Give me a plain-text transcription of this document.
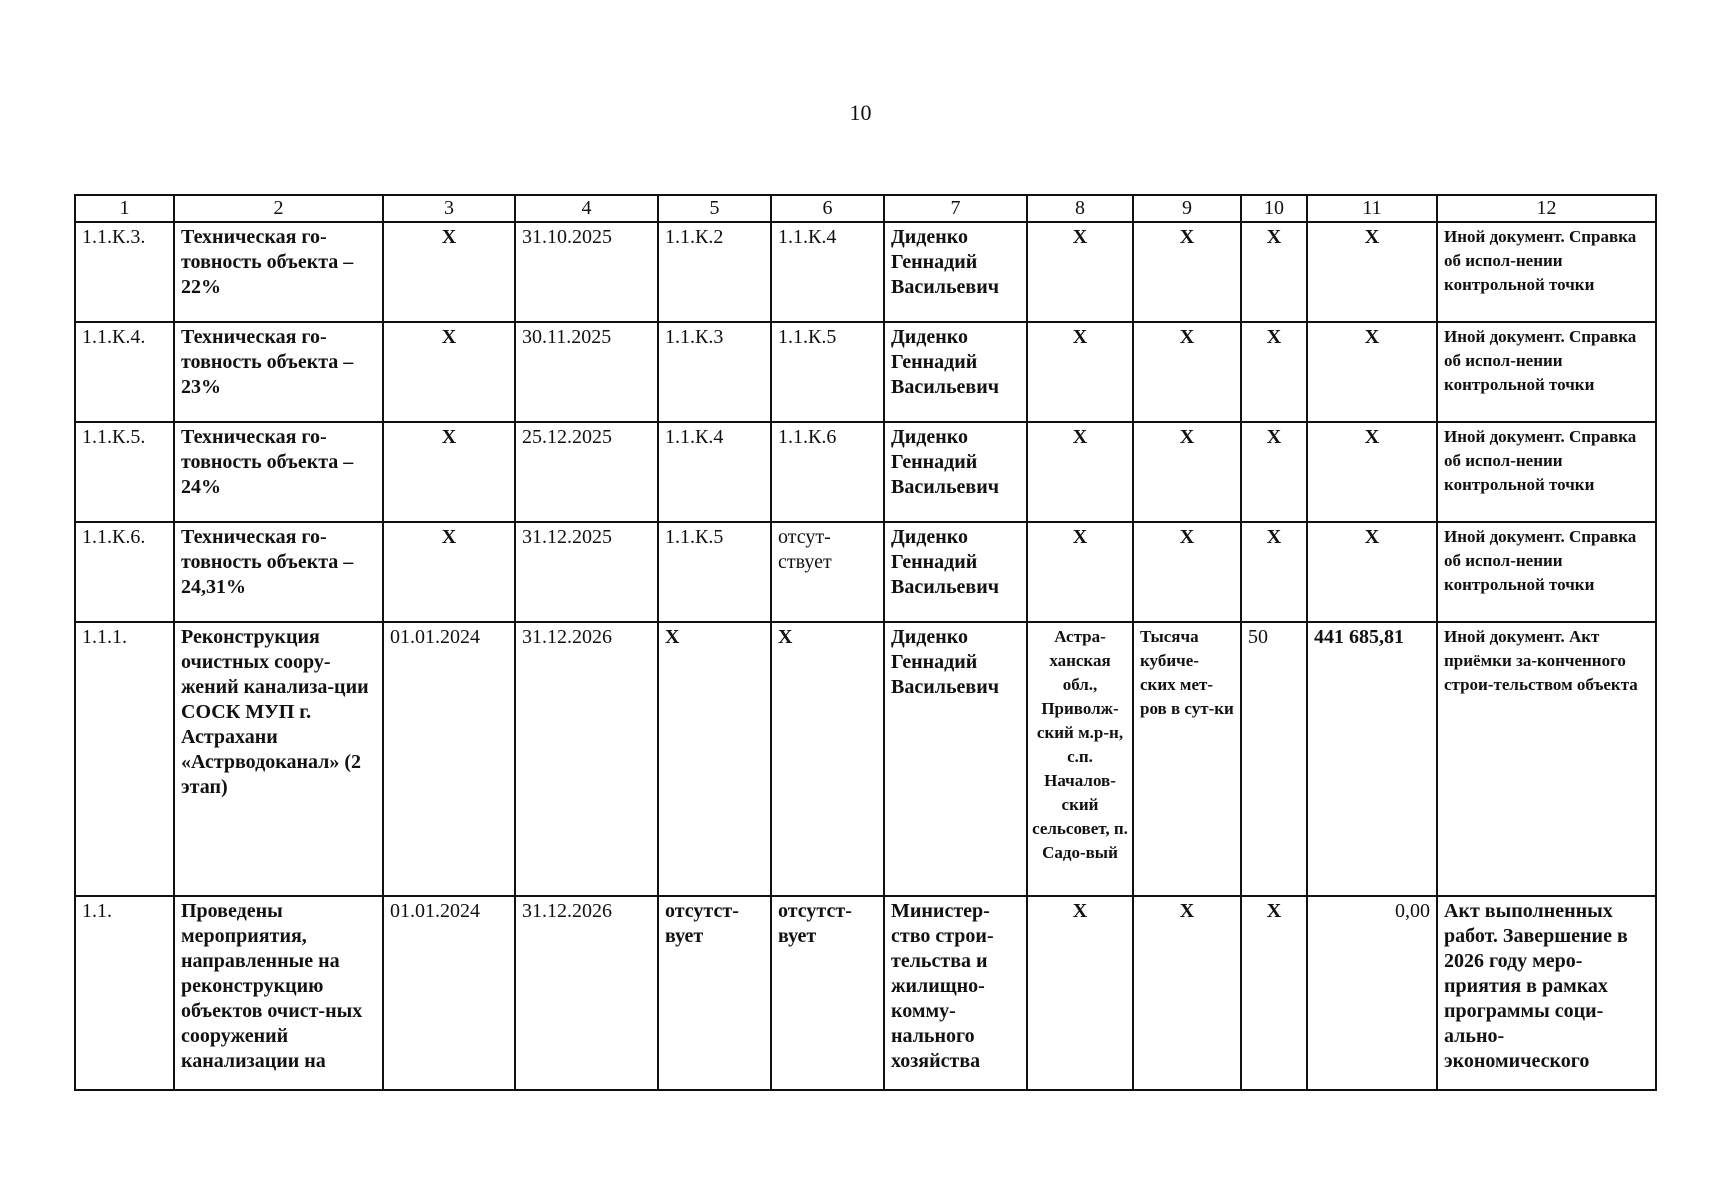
10
1	2	3	4	5	6	7	8	9	10	11	12
1.1.К.3.	Техническая го-товность объекта – 22%	X	31.10.2025	1.1.К.2	1.1.К.4	Диденко Геннадий Васильевич	X	X	X	X	Иной документ. Справка об испол-нении контрольной точки
1.1.К.4.	Техническая го-товность объекта – 23%	X	30.11.2025	1.1.К.3	1.1.К.5	Диденко Геннадий Васильевич	X	X	X	X	Иной документ. Справка об испол-нении контрольной точки
1.1.К.5.	Техническая го-товность объекта – 24%	X	25.12.2025	1.1.К.4	1.1.К.6	Диденко Геннадий Васильевич	X	X	X	X	Иной документ. Справка об испол-нении контрольной точки
1.1.К.6.	Техническая го-товность объекта – 24,31%	X	31.12.2025	1.1.К.5	отсут-ствует	Диденко Геннадий Васильевич	X	X	X	X	Иной документ. Справка об испол-нении контрольной точки
1.1.1.	Реконструкция очистных соору-жений канализа-ции СОСК МУП г. Астрахани «Астрводоканал» (2 этап)	01.01.2024	31.12.2026	X	X	Диденко Геннадий Васильевич	Астра-ханская обл., Приволж-ский м.р-н, с.п. Началов-ский сельсовет, п. Садо-вый	Тысяча кубиче-ских мет-ров в сут-ки	50	441 685,81	Иной документ. Акт приёмки за-конченного строи-тельством объекта
1.1.	Проведены мероприятия, направленные на реконструкцию объектов очист-ных сооружений канализации на	01.01.2024	31.12.2026	отсутст-вует	отсутст-вует	Министер-ство строи-тельства и жилищно-комму-нального хозяйства	X	X	X	0,00	Акт выполненных работ. Завершение в 2026 году меро-приятия в рамках программы соци-ально-экономического
